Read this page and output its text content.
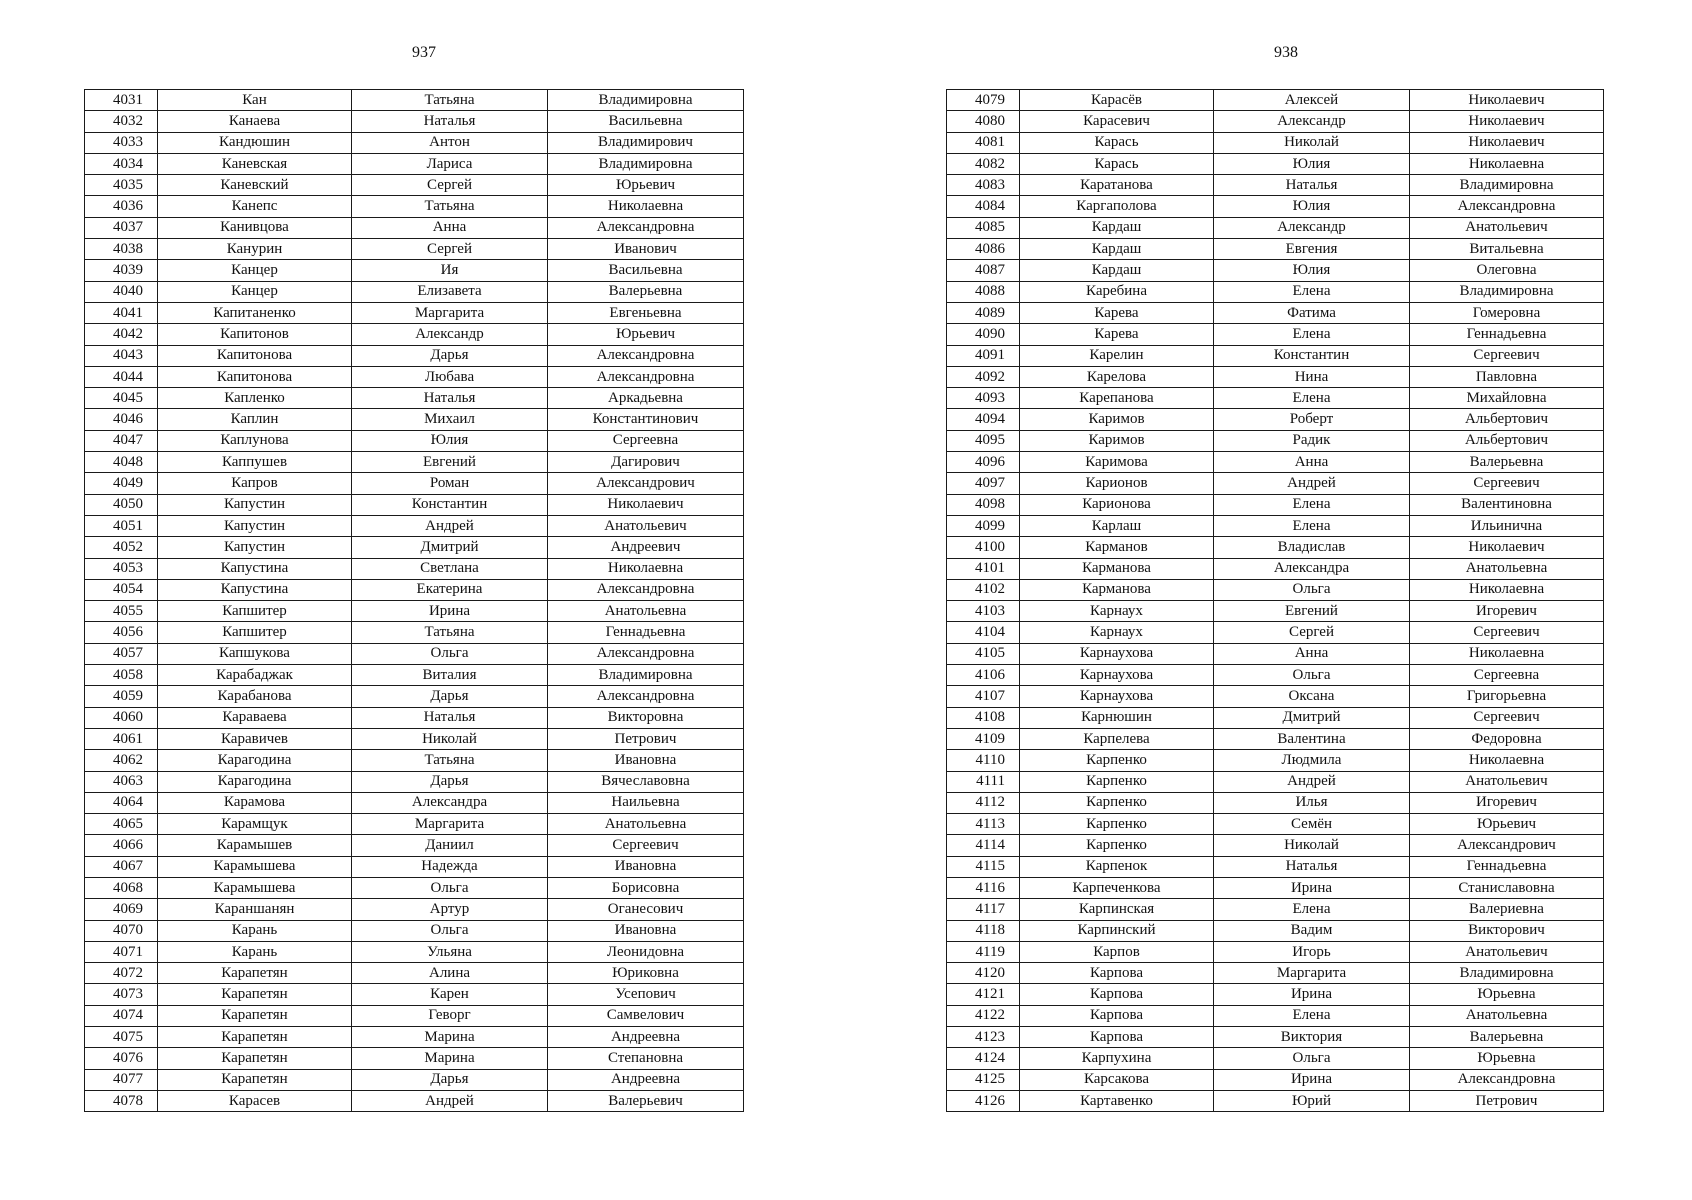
937	938
4031	Кан	Татьяна	Владимировна
4032	Канаева	Наталья	Васильевна
4033	Кандюшин	Антон	Владимирович
4034	Каневская	Лариса	Владимировна
4035	Каневский	Сергей	Юрьевич
4036	Канепс	Татьяна	Николаевна
4037	Канивцова	Анна	Александровна
4038	Канурин	Сергей	Иванович
4039	Канцер	Ия	Васильевна
4040	Канцер	Елизавета	Валерьевна
4041	Капитаненко	Маргарита	Евгеньевна
4042	Капитонов	Александр	Юрьевич
4043	Капитонова	Дарья	Александровна
4044	Капитонова	Любава	Александровна
4045	Капленко	Наталья	Аркадьевна
4046	Каплин	Михаил	Константинович
4047	Каплунова	Юлия	Сергеевна
4048	Каппушев	Евгений	Дагирович
4049	Капров	Роман	Александрович
4050	Капустин	Константин	Николаевич
4051	Капустин	Андрей	Анатольевич
4052	Капустин	Дмитрий	Андреевич
4053	Капустина	Светлана	Николаевна
4054	Капустина	Екатерина	Александровна
4055	Капшитер	Ирина	Анатольевна
4056	Капшитер	Татьяна	Геннадьевна
4057	Капшукова	Ольга	Александровна
4058	Карабаджак	Виталия	Владимировна
4059	Карабанова	Дарья	Александровна
4060	Караваева	Наталья	Викторовна
4061	Каравичев	Николай	Петрович
4062	Карагодина	Татьяна	Ивановна
4063	Карагодина	Дарья	Вячеславовна
4064	Карамова	Александра	Наильевна
4065	Карамщук	Маргарита	Анатольевна
4066	Карамышев	Даниил	Сергеевич
4067	Карамышева	Надежда	Ивановна
4068	Карамышева	Ольга	Борисовна
4069	Караншанян	Артур	Оганесович
4070	Карань	Ольга	Ивановна
4071	Карань	Ульяна	Леонидовна
4072	Карапетян	Алина	Юриковна
4073	Карапетян	Карен	Усепович
4074	Карапетян	Геворг	Самвелович
4075	Карапетян	Марина	Андреевна
4076	Карапетян	Марина	Степановна
4077	Карапетян	Дарья	Андреевна
4078	Карасев	Андрей	Валерьевич
4079	Карасёв	Алексей	Николаевич
4080	Карасевич	Александр	Николаевич
4081	Карась	Николай	Николаевич
4082	Карась	Юлия	Николаевна
4083	Каратанова	Наталья	Владимировна
4084	Каргаполова	Юлия	Александровна
4085	Кардаш	Александр	Анатольевич
4086	Кардаш	Евгения	Витальевна
4087	Кардаш	Юлия	Олеговна
4088	Каребина	Елена	Владимировна
4089	Карева	Фатима	Гомеровна
4090	Карева	Елена	Геннадьевна
4091	Карелин	Константин	Сергеевич
4092	Карелова	Нина	Павловна
4093	Карепанова	Елена	Михайловна
4094	Каримов	Роберт	Альбертович
4095	Каримов	Радик	Альбертович
4096	Каримова	Анна	Валерьевна
4097	Карионов	Андрей	Сергеевич
4098	Карионова	Елена	Валентиновна
4099	Карлаш	Елена	Ильинична
4100	Карманов	Владислав	Николаевич
4101	Карманова	Александра	Анатольевна
4102	Карманова	Ольга	Николаевна
4103	Карнаух	Евгений	Игоревич
4104	Карнаух	Сергей	Сергеевич
4105	Карнаухова	Анна	Николаевна
4106	Карнаухова	Ольга	Сергеевна
4107	Карнаухова	Оксана	Григорьевна
4108	Карнюшин	Дмитрий	Сергеевич
4109	Карпелева	Валентина	Федоровна
4110	Карпенко	Людмила	Николаевна
4111	Карпенко	Андрей	Анатольевич
4112	Карпенко	Илья	Игоревич
4113	Карпенко	Семён	Юрьевич
4114	Карпенко	Николай	Александрович
4115	Карпенок	Наталья	Геннадьевна
4116	Карпеченкова	Ирина	Станиславовна
4117	Карпинская	Елена	Валериевна
4118	Карпинский	Вадим	Викторович
4119	Карпов	Игорь	Анатольевич
4120	Карпова	Маргарита	Владимировна
4121	Карпова	Ирина	Юрьевна
4122	Карпова	Елена	Анатольевна
4123	Карпова	Виктория	Валерьевна
4124	Карпухина	Ольга	Юрьевна
4125	Карсакова	Ирина	Александровна
4126	Картавенко	Юрий	Петрович
